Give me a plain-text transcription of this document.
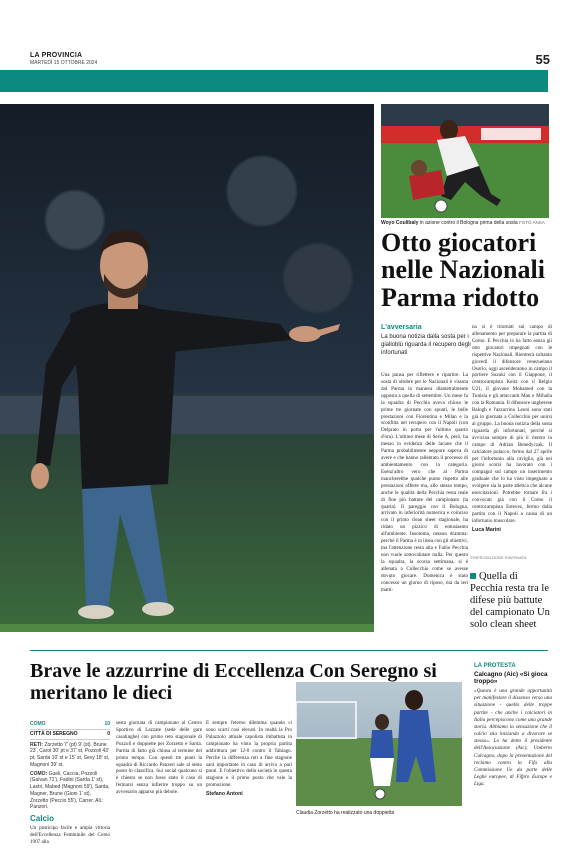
LA PROVINCIA
MARTEDÌ 15 OTTOBRE 2024	55
Woyo Coulibaly in azione contro il Bologna prima della sosta FOTO ANSA
Otto giocatori nelle Nazionali Parma ridotto
L'avversaria
La buona notizia dalla sosta per i gialloblù riguarda il recupero degli infortunati

Una pausa per riflettere e ripartire. La sosta di ottobre per le Nazionali è vissuta dal Parma in maniera diametralmente opposta a quella di settembre. Un mese fa la squadra di Pecchia aveva chiuso le prime tre giornate con spunti, le belle prestazioni con Fiorentina e Milan e la sconfitta nel recupero con il Napoli (con Delprato in porta per l'ultimo quarto d'ora). L'ultimo mese di Serie A, però, ha messo in evidenza delle lacune che il Parma probabilmente neppure sapeva di avere e che hanno rallentato il processo di ambientamento con la categoria. Esenz'altro vero che al Parma mancherebbe qualche punto rispetto alle prestazioni offerte ma, allo stesso tempo, anche le qualità della Pecchia resta reale di fine più battute del campionato (la quarta). Il pareggio con il Bologna, arrivato in inferiorità numerica e coinciso con il primo clean sheet stagionale, ha ridato un pizzico di entusiasmo all'ambiente. Insomma, nessun dramma: perché il Parma è in linea con gli obiettivi, ma l'attenzione resta alta e Fabio Pecchia non vuole sottovalutare nulla. Per questo la squadra, la scorsa settimana, si è allenata a Collecchio come se avesse dovuto giocare. Domenica è stato concesso un giorno di riposo, ma da ieri matti-

na si è ritornati sul campo di allenamento per preparare la partita di Como. E Pecchia lo ha fatto senza gli otto giocatori impegnati con le rispettive Nazionali. Rientrerà soltanto giovedì il difensore venezuelano Osorio, oggi ascenderanno in campo il portiere Suzuki con il Giappone, il centrocampista Keita con il Belgio U21, il giovane Mohamed con la Tunisia e gli attaccanti Man e Mihaila con la Romania. Il difensore ungherese Balogh e l'azzurrino Leoni sono stati già in giornata a Collecchio per unirsi al gruppo. La buona notizia della sosta riguarda gli infortunati, perché si avvicina sempre di più il rientro in campo di Adrian Benedyczak. Il calciatore polacco, fermo dal 27 aprile per l'infortunio alla caviglia, già nei giorni scorsi ha lavorato con i compagni sul campo un inserimento graduale che lo ha visto impegnato a svolgere sia la parte atletica che alcune esercitazioni. Potrebbe tornare fra i convocati già con il Como il centrocampista Estevez, fermo dalla partita con il Napoli a causa di un infortunio muscolare.

Luca Marini
©RIPRODUZIONE RISERVATA
Quella di Pecchia resta tra le difese più battute del campionato Un solo clean sheet
Brave le azzurrine di Eccellenza Con Seregno si meritano le dieci
COMO	10
CITTÀ DI SEREGNO	0
RETI: Zorzetto 7' (pt) 9' (st), Brune 23', Carol 30' pt e 37' st, Pozzoli 43' pt, Sarda 10' st e 15' st, Sevy 18' st, Magnoni 39' st.
COMO: Gueli, Caccia, Pozzoli (Galvan 71'), Fadini (Sarda 1' st), Lastri, Mabed (Magnoni 59'), Sarda, Magner, Brune (Gioni 1' st), Zorzetto (Peccio 55'), Carrer. All.: Panzeri.
Calcio

Un posticipo facile e ampia vittoria dell'Eccellenza Femminile del Como 1907 alla

sesta giornata di campionato al Centro Sportivo di Lazzate (sede delle gare casalinghe) con primo reto stagionale di Pozzoli e doppiette per Zorzetto e Sarda. Partita di fatto già chiusa al termine del primo tempo. Con questi tre punti la squadra di Riccardo Panzeri sale al sesto posto in classifica. Sui social qualcuno si è chiesto se non fosse stato il caso di fermarsi senza infierire troppo su un avversario apparso più debole.

È sempre l'eterno dilemma quando ci sono scarti così elevati. In realtà la Pro Palazzolo attuale capolista imbattuta in campionato ha vinto la propria partita addirittura per 12-0 contro il Tabiago. Perché la differenza reti a fine stagione sarà importante in caso di arrivo a pari punti. E l'obiettivo della società in questa stagione e il primo posto che vale la promozione.

Stefano Antoni
Claudia Zorzetto ha realizzato una doppietta
LA PROTESTA
Calcagno (Aic) «Si gioca troppo»
«Questa è una grande opportunità per manifestare il dissenso verso una situazione - quella delle troppe partite - che anche i calciatori in Italia percepiscono come una grande storia. Abbiamo la sensazione che il calcio stia iniziando a divorare se stesso». Lo ha detto il presidente dell'Associazione (Aic), Umberto Calcagno, dopo la presentazione del reclamo contro la Fifa alla Commissione Ue da parte delle Leghe europee, di Fifpro Europe e Liga.
